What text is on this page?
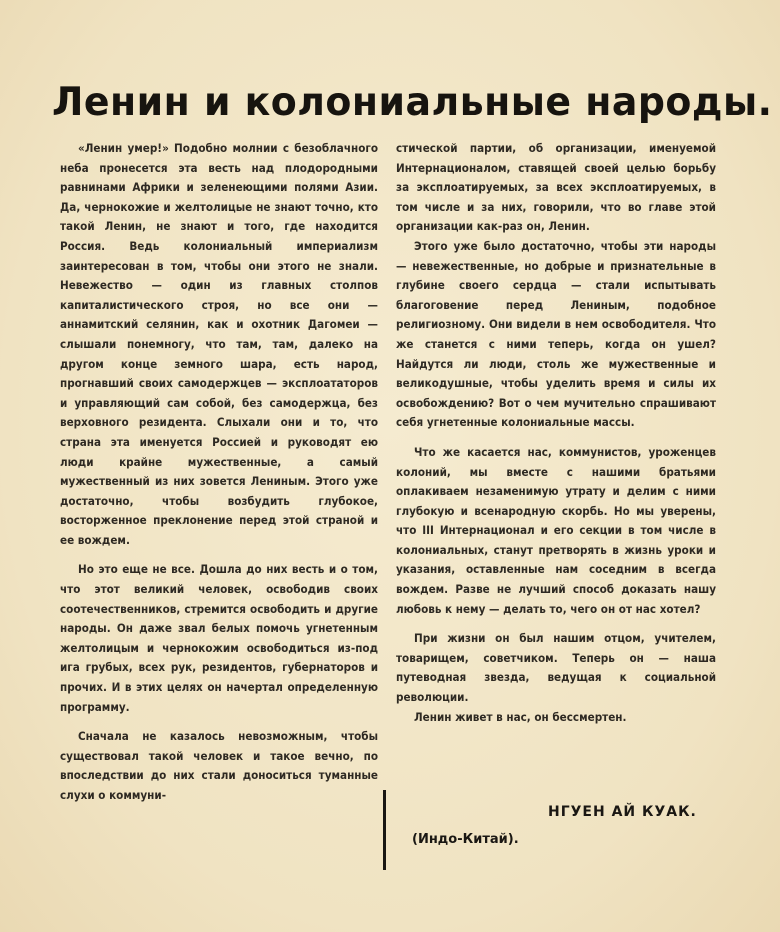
Ленин и колониальные народы.

«Ленин умер!» Подобно молнии с безоблачного неба пронесется эта весть над плодородными равнинами Африки и зеленеющими полями Азии. Да, чернокожие и желтолицые не знают точно, кто такой Ленин, не знают и того, где находится Россия. Ведь колониальный империализм заинтересован в том, чтобы они этого не знали. Невежество — один из главных столпов капиталистического строя, но все они — аннамитский селянин, как и охотник Дагомеи — слышали понемногу, что там, там, далеко на другом конце земного шара, есть народ, прогнавший своих самодержцев — эксплоататоров и управляющий сам собой, без самодержца, без верховного резидента. Слыхали они и то, что страна эта именуется Россией и руководят ею люди крайне мужественные, а самый мужественный из них зовется Лениным. Этого уже достаточно, чтобы возбудить глубокое, восторженное преклонение перед этой страной и ее вождем.

Но это еще не все. Дошла до них весть и о том, что этот великий человек, освободив своих соотечественников, стремится освободить и другие народы. Он даже звал белых помочь угнетенным желтолицым и чернокожим освободиться из-под ига грубых, всех рук, резидентов, губернаторов и прочих. И в этих целях он начертал определенную программу.

Сначала не казалось невозможным, чтобы существовал такой человек и такое вечно, по впоследствии до них стали доноситься туманные слухи о коммуни-

стической партии, об организации, именуемой Интернационалом, ставящей своей целью борьбу за эксплоатируемых, за всех эксплоатируемых, в том числе и за них, говорили, что во главе этой организации как-раз он, Ленин.

Этого уже было достаточно, чтобы эти народы — невежественные, но добрые и признательные в глубине своего сердца — стали испытывать благоговение перед Лениным, подобное религиозному. Они видели в нем освободителя. Что же станется с ними теперь, когда он ушел? Найдутся ли люди, столь же мужественные и великодушные, чтобы уделить время и силы их освобождению? Вот о чем мучительно спрашивают себя угнетенные колониальные массы.

Что же касается нас, коммунистов, уроженцев колоний, мы вместе с нашими братьями оплакиваем незаменимую утрату и делим с ними глубокую и всенародную скорбь. Но мы уверены, что III Интернационал и его секции в том числе в колониальных, станут претворять в жизнь уроки и указания, оставленные нам соседним в всегда вождем. Разве не лучший способ доказать нашу любовь к нему — делать то, чего он от нас хотел?

При жизни он был нашим отцом, учителем, товарищем, советчиком. Теперь он — наша путеводная звезда, ведущая к социальной революции.

Ленин живет в нас, он бессмертен.

НГУЕН АЙ КУАК.
(Индо-Китай).
